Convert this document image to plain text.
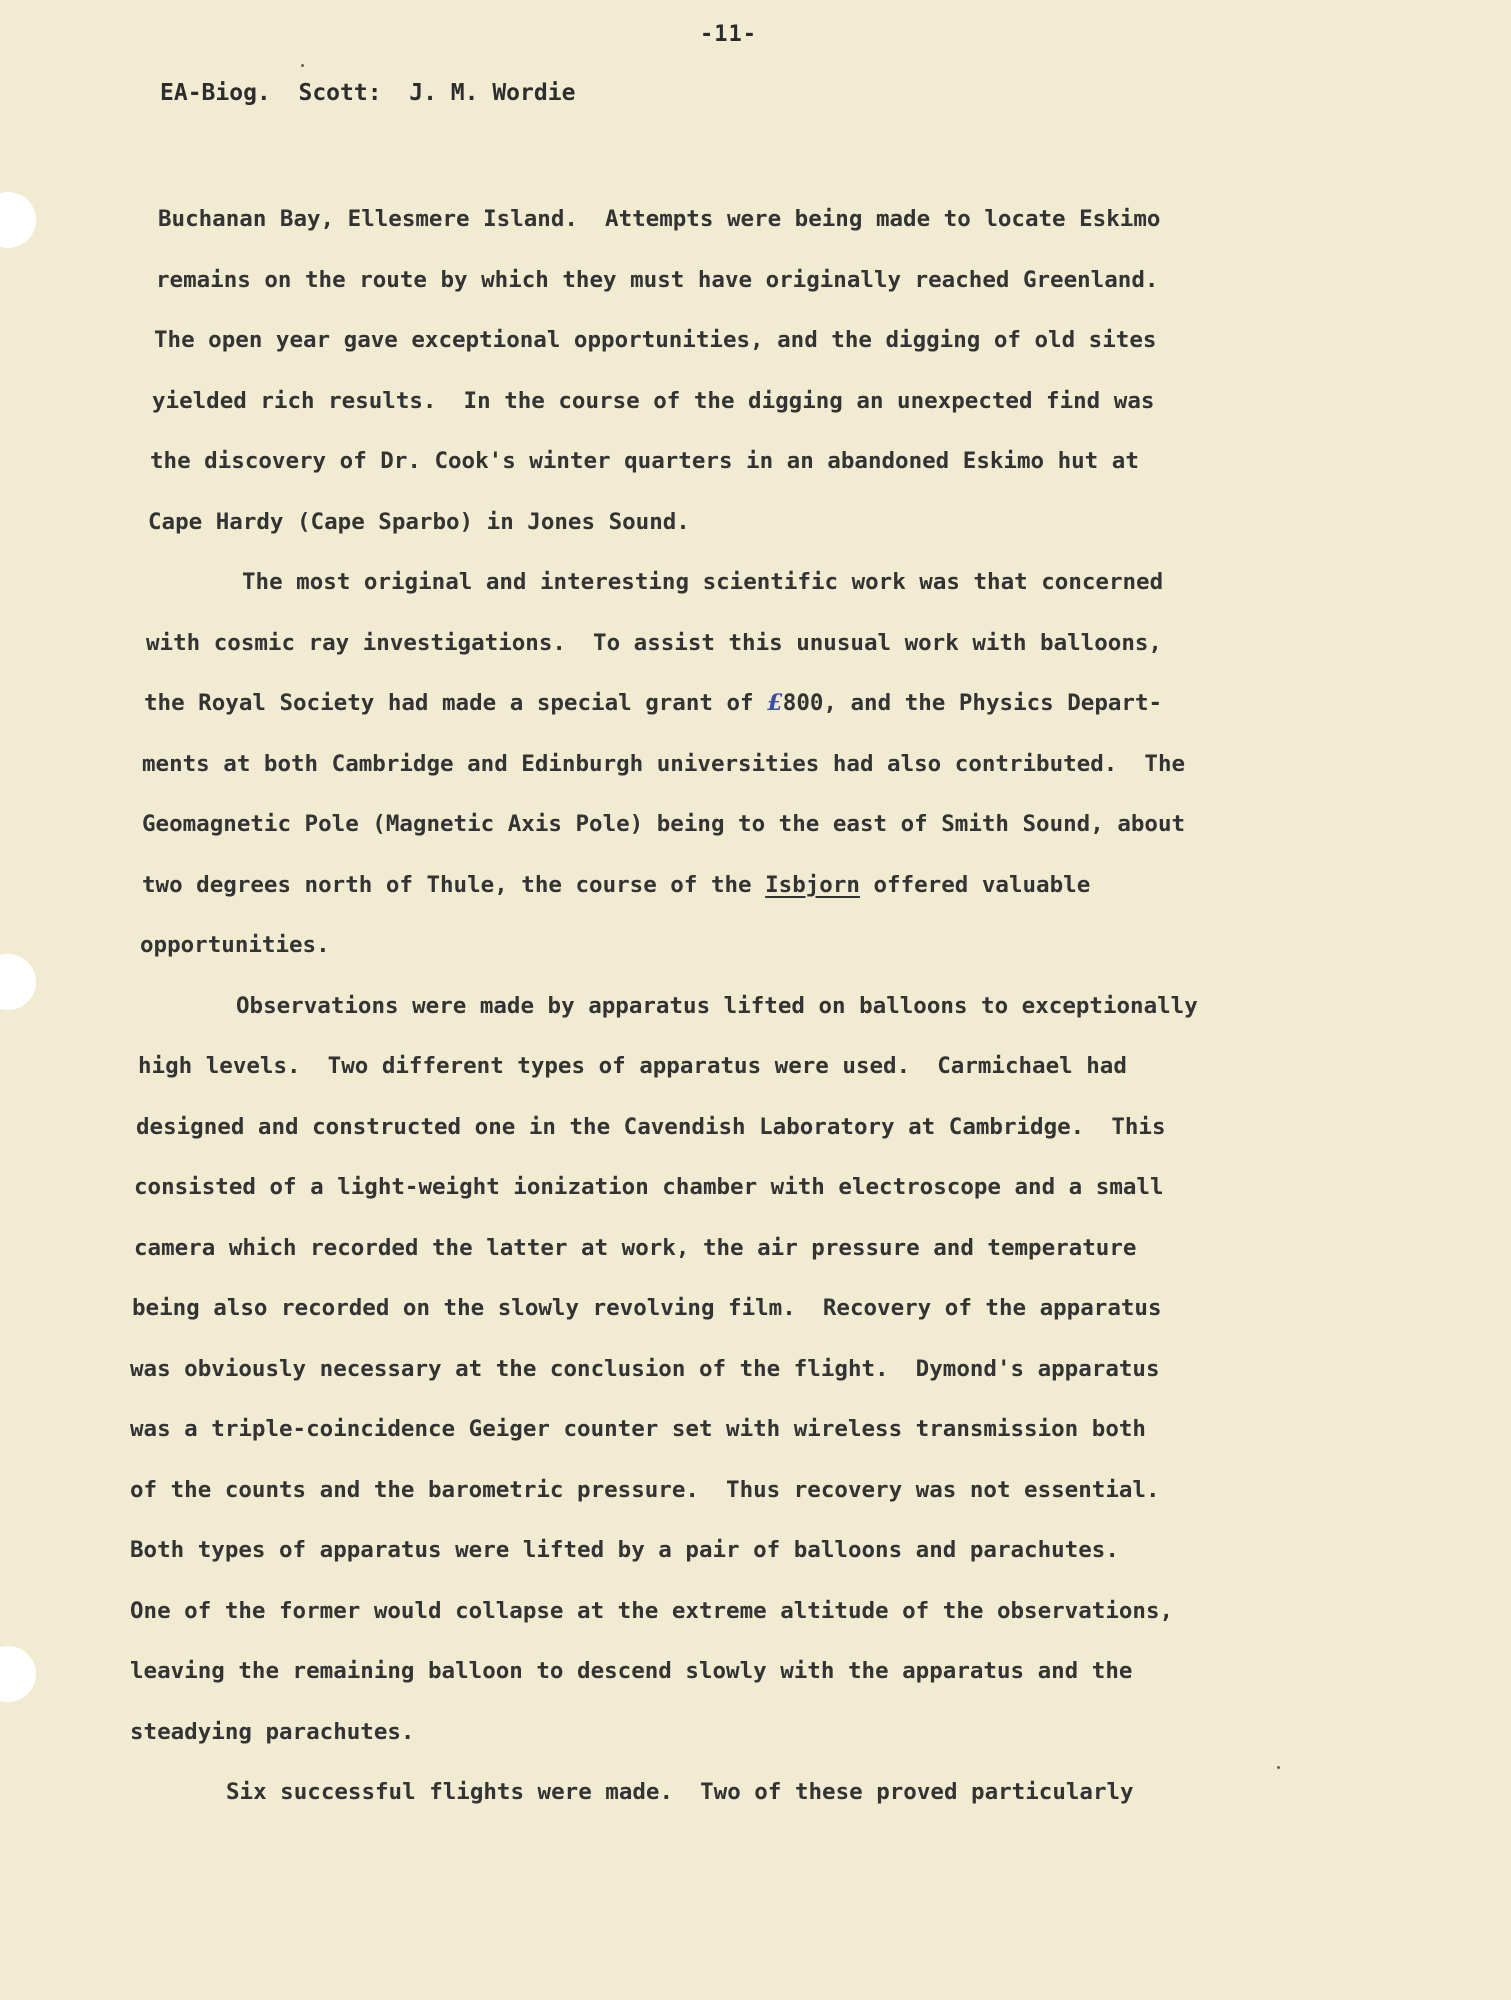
-11-
EA-Biog.  Scott:  J. M. Wordie
Buchanan Bay, Ellesmere Island.  Attempts were being made to locate Eskimo
remains on the route by which they must have originally reached Greenland.
The open year gave exceptional opportunities, and the digging of old sites
yielded rich results.  In the course of the digging an unexpected find was
the discovery of Dr. Cook's winter quarters in an abandoned Eskimo hut at
Cape Hardy (Cape Sparbo) in Jones Sound.
The most original and interesting scientific work was that concerned
with cosmic ray investigations.  To assist this unusual work with balloons,
the Royal Society had made a special grant of £800, and the Physics Depart-
ments at both Cambridge and Edinburgh universities had also contributed.  The
Geomagnetic Pole (Magnetic Axis Pole) being to the east of Smith Sound, about
two degrees north of Thule, the course of the Isbjorn offered valuable
opportunities.
Observations were made by apparatus lifted on balloons to exceptionally
high levels.  Two different types of apparatus were used.  Carmichael had
designed and constructed one in the Cavendish Laboratory at Cambridge.  This
consisted of a light-weight ionization chamber with electroscope and a small
camera which recorded the latter at work, the air pressure and temperature
being also recorded on the slowly revolving film.  Recovery of the apparatus
was obviously necessary at the conclusion of the flight.  Dymond's apparatus
was a triple-coincidence Geiger counter set with wireless transmission both
of the counts and the barometric pressure.  Thus recovery was not essential.
Both types of apparatus were lifted by a pair of balloons and parachutes.
One of the former would collapse at the extreme altitude of the observations,
leaving the remaining balloon to descend slowly with the apparatus and the
steadying parachutes.
Six successful flights were made.  Two of these proved particularly
